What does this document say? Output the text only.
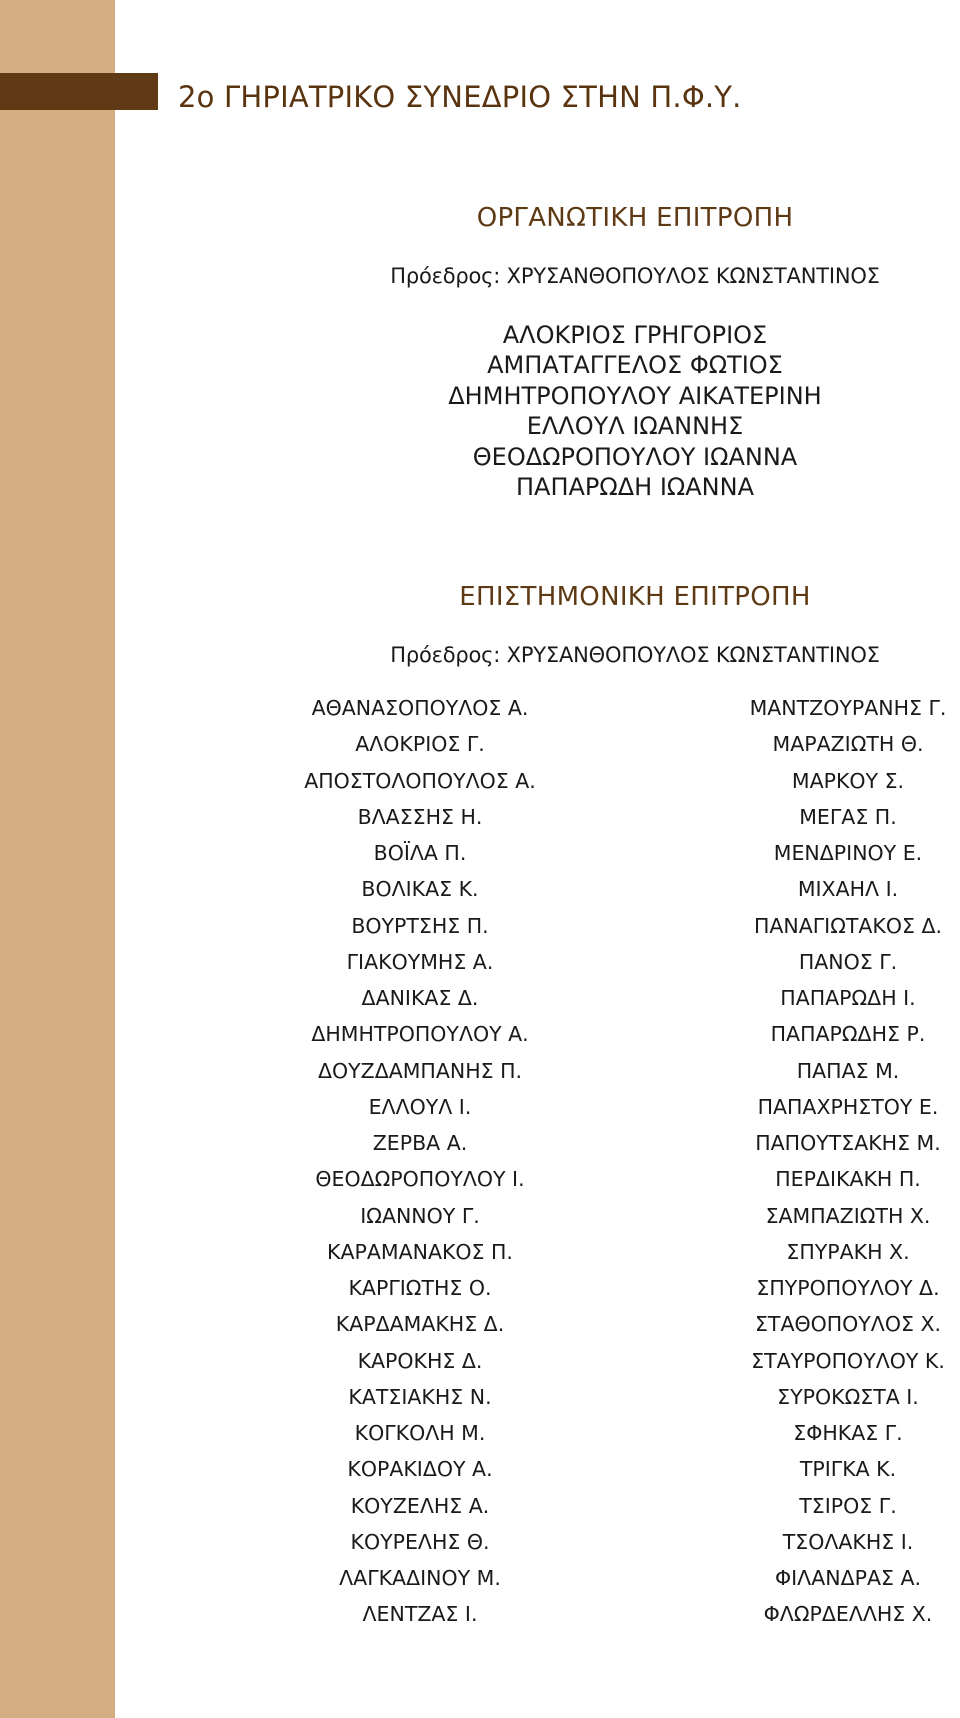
2ο ΓΗΡΙΑΤΡΙΚΟ ΣΥΝΕΔΡΙΟ ΣΤΗΝ Π.Φ.Υ.
ΟΡΓΑΝΩΤΙΚΗ ΕΠΙΤΡΟΠΗ
Πρόεδρος: ΧΡΥΣΑΝΘΟΠΟΥΛΟΣ ΚΩΝΣΤΑΝΤΙΝΟΣ
ΑΛΟΚΡΙΟΣ ΓΡΗΓΟΡΙΟΣ
ΑΜΠΑΤΑΓΓΕΛΟΣ ΦΩΤΙΟΣ
ΔΗΜΗΤΡΟΠΟΥΛΟΥ ΑΙΚΑΤΕΡΙΝΗ
ΕΛΛΟΥΛ ΙΩΑΝΝΗΣ
ΘΕΟΔΩΡΟΠΟΥΛΟΥ ΙΩΑΝΝΑ
ΠΑΠΑΡΩΔΗ ΙΩΑΝΝΑ
ΕΠΙΣΤΗΜΟΝΙΚΗ ΕΠΙΤΡΟΠΗ
Πρόεδρος: ΧΡΥΣΑΝΘΟΠΟΥΛΟΣ ΚΩΝΣΤΑΝΤΙΝΟΣ
ΑΘΑΝΑΣΟΠΟΥΛΟΣ Α.
ΑΛΟΚΡΙΟΣ Γ.
ΑΠΟΣΤΟΛΟΠΟΥΛΟΣ Α.
ΒΛΑΣΣΗΣ Η.
ΒΟΪΛΑ Π.
ΒΟΛΙΚΑΣ Κ.
ΒΟΥΡΤΣΗΣ Π.
ΓΙΑΚΟΥΜΗΣ Α.
ΔΑΝΙΚΑΣ Δ.
ΔΗΜΗΤΡΟΠΟΥΛΟΥ Α.
ΔΟΥΖΔΑΜΠΑΝΗΣ Π.
ΕΛΛΟΥΛ Ι.
ΖΕΡΒΑ Α.
ΘΕΟΔΩΡΟΠΟΥΛΟΥ Ι.
ΙΩΑΝΝΟΥ Γ.
ΚΑΡΑΜΑΝΑΚΟΣ Π.
ΚΑΡΓΙΩΤΗΣ Ο.
ΚΑΡΔΑΜΑΚΗΣ Δ.
ΚΑΡΟΚΗΣ Δ.
ΚΑΤΣΙΑΚΗΣ Ν.
ΚΟΓΚΟΛΗ Μ.
ΚΟΡΑΚΙΔΟΥ Α.
ΚΟΥΖΕΛΗΣ Α.
ΚΟΥΡΕΛΗΣ Θ.
ΛΑΓΚΑΔΙΝΟΥ Μ.
ΛΕΝΤΖΑΣ Ι.
ΜΑΝΤΖΟΥΡΑΝΗΣ Γ.
ΜΑΡΑΖΙΩΤΗ Θ.
ΜΑΡΚΟΥ Σ.
ΜΕΓΑΣ Π.
ΜΕΝΔΡΙΝΟΥ Ε.
ΜΙΧΑΗΛ Ι.
ΠΑΝΑΓΙΩΤΑΚΟΣ Δ.
ΠΑΝΟΣ Γ.
ΠΑΠΑΡΩΔΗ Ι.
ΠΑΠΑΡΩΔΗΣ Ρ.
ΠΑΠΑΣ Μ.
ΠΑΠΑΧΡΗΣΤΟΥ Ε.
ΠΑΠΟΥΤΣΑΚΗΣ Μ.
ΠΕΡΔΙΚΑΚΗ Π.
ΣΑΜΠΑΖΙΩΤΗ Χ.
ΣΠΥΡΑΚΗ Χ.
ΣΠΥΡΟΠΟΥΛΟΥ Δ.
ΣΤΑΘΟΠΟΥΛΟΣ Χ.
ΣΤΑΥΡΟΠΟΥΛΟΥ Κ.
ΣΥΡΟΚΩΣΤΑ Ι.
ΣΦΗΚΑΣ Γ.
ΤΡΙΓΚΑ Κ.
ΤΣΙΡΟΣ Γ.
ΤΣΟΛΑΚΗΣ Ι.
ΦΙΛΑΝΔΡΑΣ Α.
ΦΛΩΡΔΕΛΛΗΣ Χ.
